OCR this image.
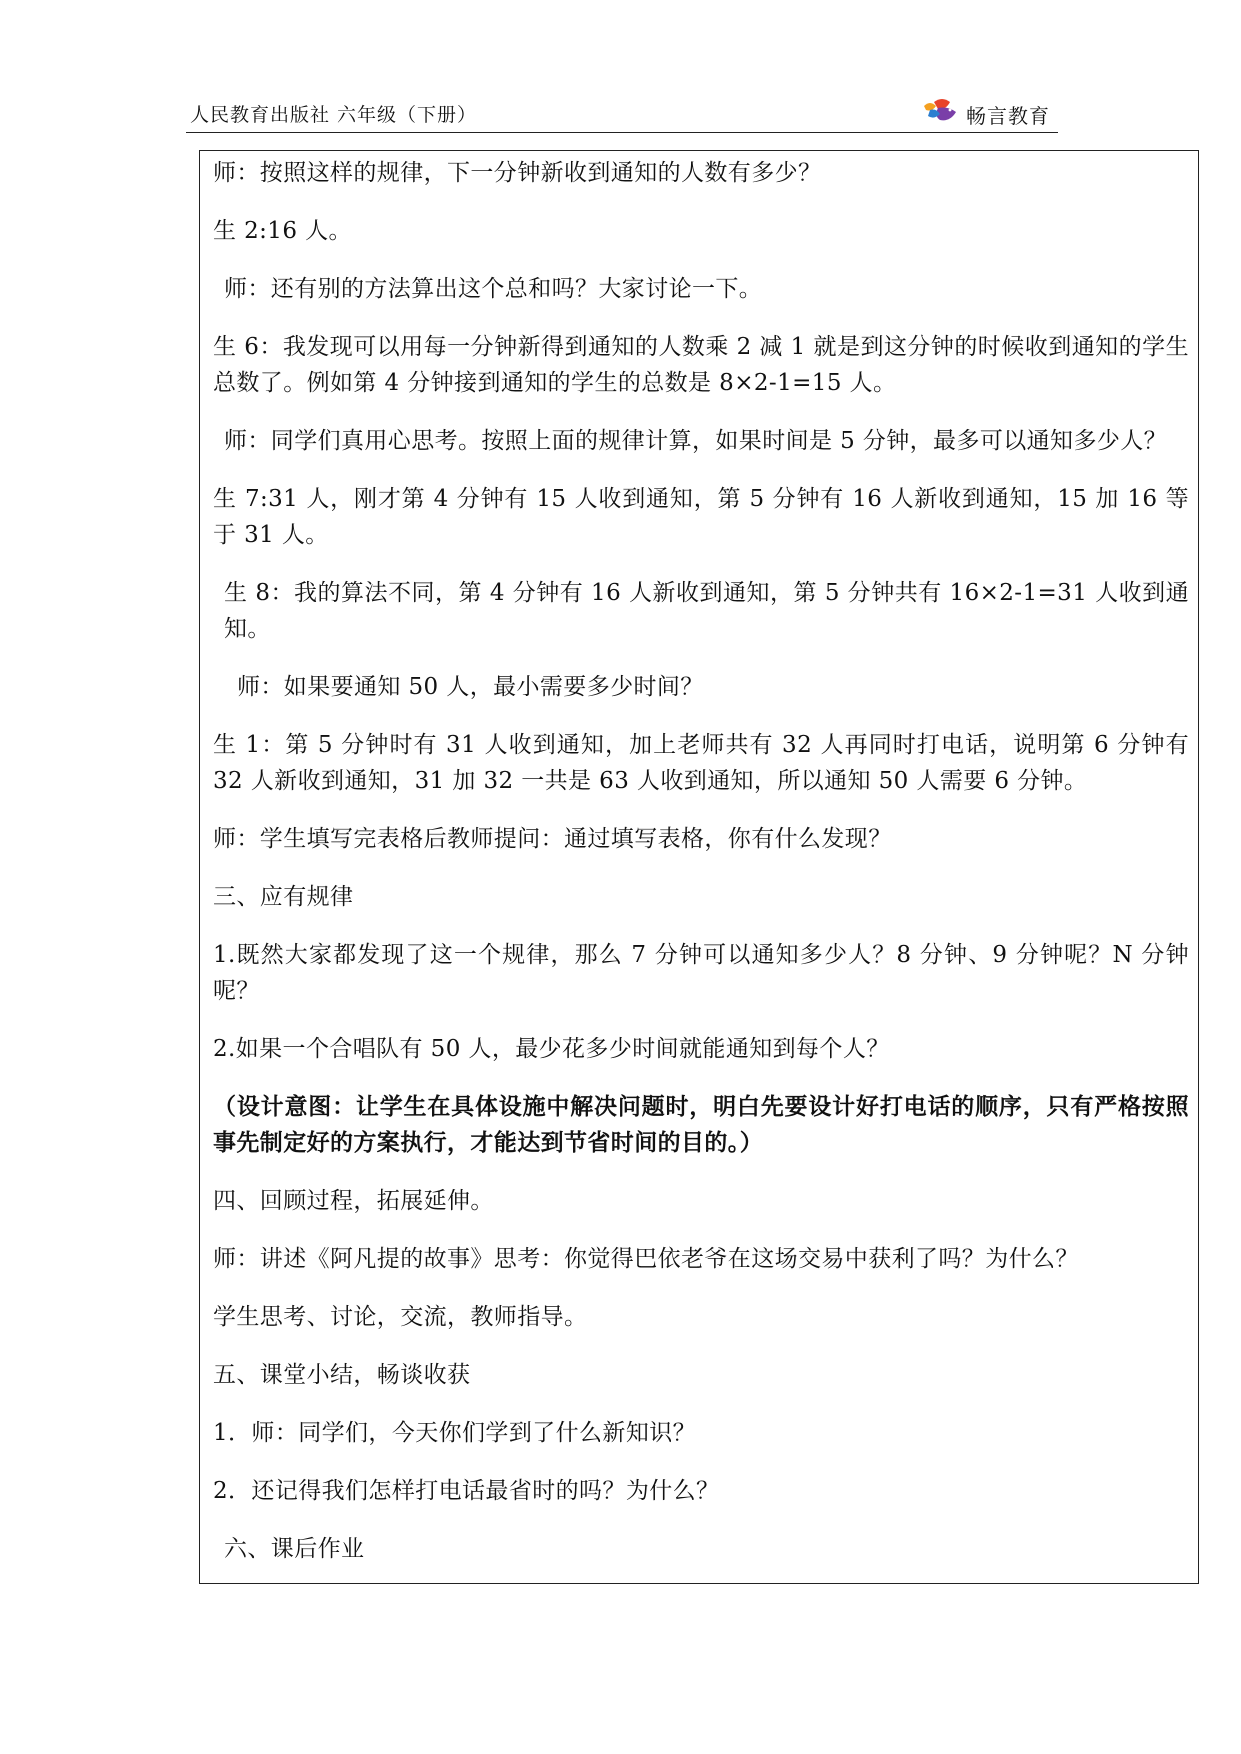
人民教育出版社 六年级（下册）	畅言教育

师：按照这样的规律，下一分钟新收到通知的人数有多少？

生 2:16 人。

师：还有别的方法算出这个总和吗？大家讨论一下。

生 6：我发现可以用每一分钟新得到通知的人数乘 2 减 1 就是到这分钟的时候收到通知的学生总数了。例如第 4 分钟接到通知的学生的总数是 8×2-1=15 人。

师：同学们真用心思考。按照上面的规律计算，如果时间是 5 分钟，最多可以通知多少人？

生 7:31 人，刚才第 4 分钟有 15 人收到通知，第 5 分钟有 16 人新收到通知，15 加 16 等于 31 人。

生 8：我的算法不同，第 4 分钟有 16 人新收到通知，第 5 分钟共有 16×2-1=31 人收到通知。

师：如果要通知 50 人，最小需要多少时间？

生 1：第 5 分钟时有 31 人收到通知，加上老师共有 32 人再同时打电话，说明第 6 分钟有 32 人新收到通知，31 加 32 一共是 63 人收到通知，所以通知 50 人需要 6 分钟。

师：学生填写完表格后教师提问：通过填写表格，你有什么发现？

三、应有规律

1.既然大家都发现了这一个规律，那么 7 分钟可以通知多少人？8 分钟、9 分钟呢？N 分钟呢？

2.如果一个合唱队有 50 人，最少花多少时间就能通知到每个人？

（设计意图：让学生在具体设施中解决问题时，明白先要设计好打电话的顺序，只有严格按照事先制定好的方案执行，才能达到节省时间的目的。）

四、回顾过程，拓展延伸。

师：讲述《阿凡提的故事》思考：你觉得巴依老爷在这场交易中获利了吗？为什么？

学生思考、讨论，交流，教师指导。

五、课堂小结，畅谈收获

1．师：同学们，今天你们学到了什么新知识？

2．还记得我们怎样打电话最省时的吗？为什么？

六、课后作业
